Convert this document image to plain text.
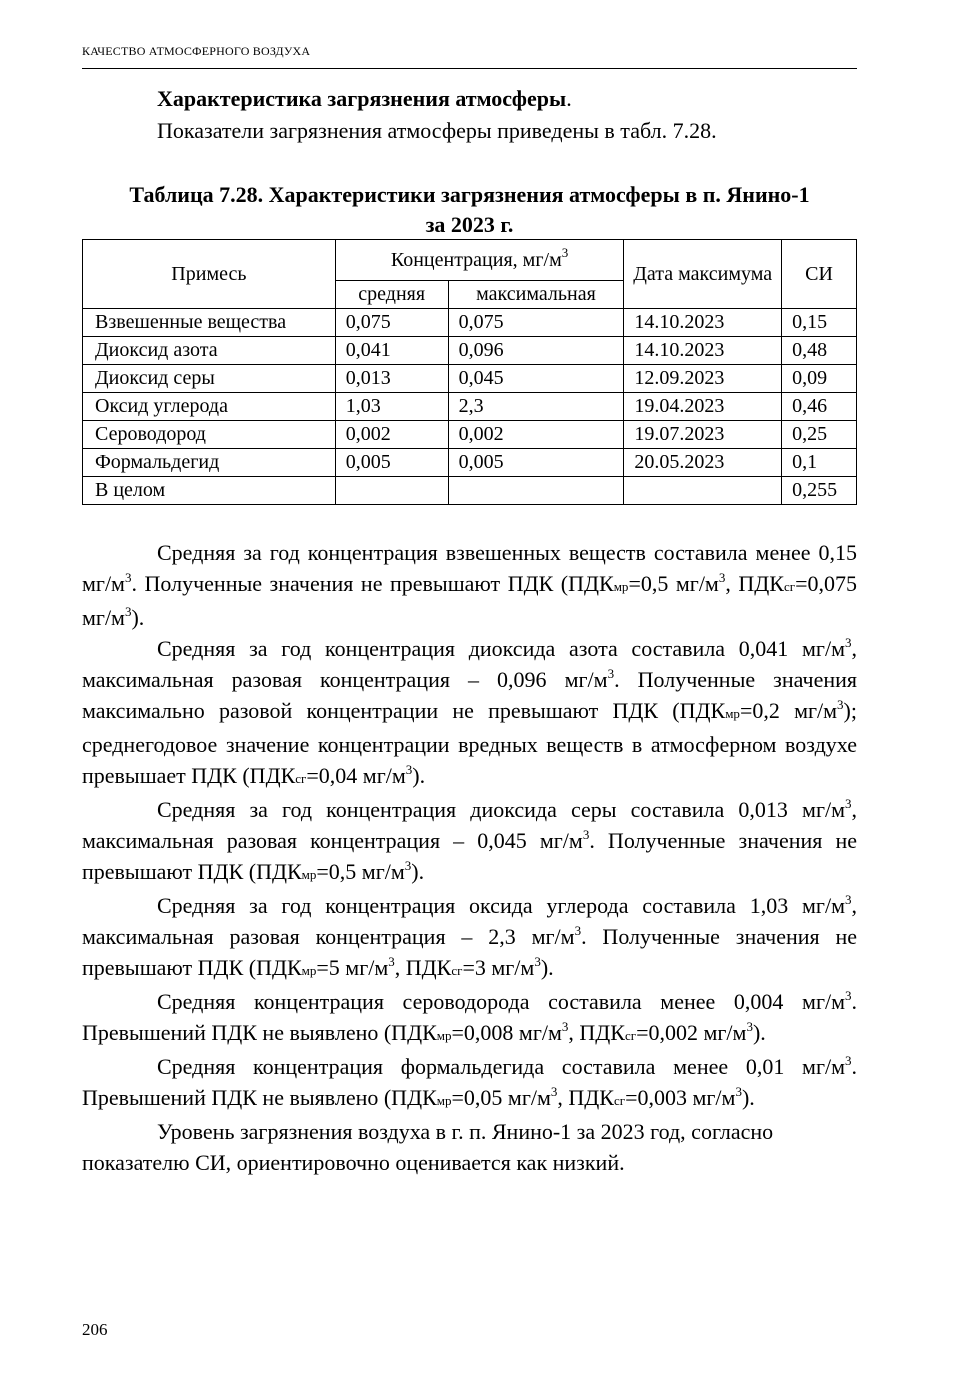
КАЧЕСТВО АТМОСФЕРНОГО ВОЗДУХА
Характеристика загрязнения атмосферы.
Показатели загрязнения атмосферы приведены в табл. 7.28.
Таблица 7.28. Характеристики загрязнения атмосферы в п. Янино-1
за 2023 г.
Примесь	Концентрация, $мг/м^3$		Дата максимума	СИ
	средняя	максимальная		
Взвешенные вещества	0,075	0,075	14.10.2023	0,15
Диоксид азота	0,041	0,096	14.10.2023	0,48
Диоксид серы	0,013	0,045	12.09.2023	0,09
Оксид углерода	1,03	2,3	19.04.2023	0,46
Сероводород	0,002	0,002	19.07.2023	0,25
Формальдегид	0,005	0,005	20.05.2023	0,1
В целом				0,255

Средняя за год концентрация взвешенных веществ составила менее 0,15 $мг/м^3$. Полученные значения не превышают ПДК (ПДКмр=0,5 $мг/м^3$, ПДКсг=0,075 $мг/м^3$).

Средняя за год концентрация диоксида азота составила 0,041 $мг/м^3$, максимальная разовая концентрация – 0,096 $мг/м^3$. Полученные значения максимально разовой концентрации не превышают ПДК (ПДКмр=0,2 $мг/м^3$); среднегодовое значение концентрации вредных веществ в атмосферном воздухе превышает ПДК (ПДКсг=0,04 $мг/м^3$).

Средняя за год концентрация диоксида серы составила 0,013 $мг/м^3$, максимальная разовая концентрация – 0,045 $мг/м^3$. Полученные значения не превышают ПДК (ПДКмр=0,5 $мг/м^3$).

Средняя за год концентрация оксида углерода составила 1,03 $мг/м^3$, максимальная разовая концентрация – 2,3 $мг/м^3$. Полученные значения не превышают ПДК (ПДКмр=5 $мг/м^3$, ПДКсг=3 $мг/м^3$).

Средняя концентрация сероводорода составила менее 0,004 $мг/м^3$. Превышений ПДК не выявлено (ПДКмр=0,008 $мг/м^3$, ПДКсг=0,002 $мг/м^3$).

Средняя концентрация формальдегида составила менее 0,01 $мг/м^3$. Превышений ПДК не выявлено (ПДКмр=0,05 $мг/м^3$, ПДКсг=0,003 $мг/м^3$).

Уровень загрязнения воздуха в г. п. Янино-1 за 2023 год, согласно показателю СИ, ориентировочно оценивается как низкий.

206
